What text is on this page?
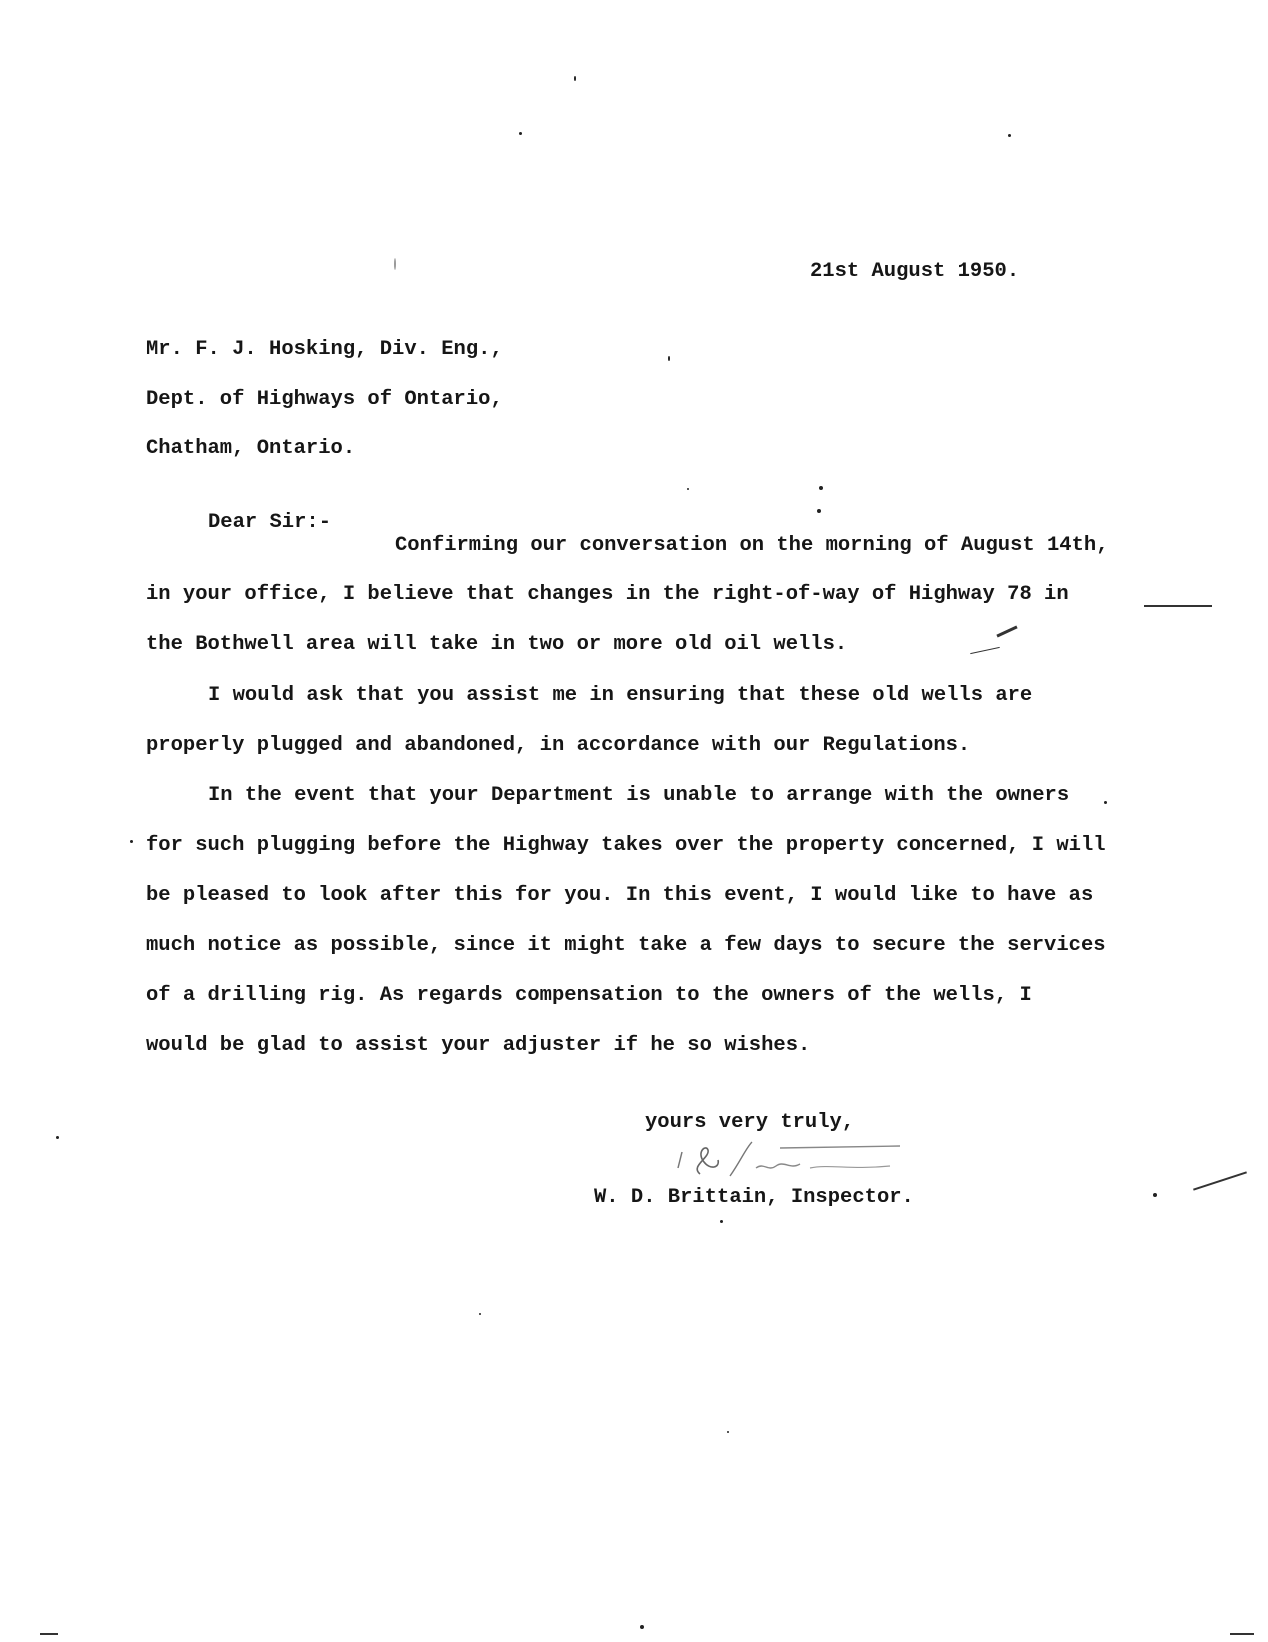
21st August 1950.
Mr. F. J. Hosking, Div. Eng.,
Dept. of Highways of Ontario,
Chatham, Ontario.
Dear Sir:-
Confirming our conversation on the morning of August 14th,
in your office, I believe that changes in the right-of-way of Highway 78 in
the Bothwell area will take in two or more old oil wells.
I would ask that you assist me in ensuring that these old wells are
properly plugged and abandoned, in accordance with our Regulations.
In the event that your Department is unable to arrange with the owners
for such plugging before the Highway takes over the property concerned, I will
be pleased to look after this for you. In this event, I would like to have as
much notice as possible, since it might take a few days to secure the services
of a drilling rig. As regards compensation to the owners of the wells, I
would be glad to assist your adjuster if he so wishes.
yours very truly,
W. D. Brittain, Inspector.
